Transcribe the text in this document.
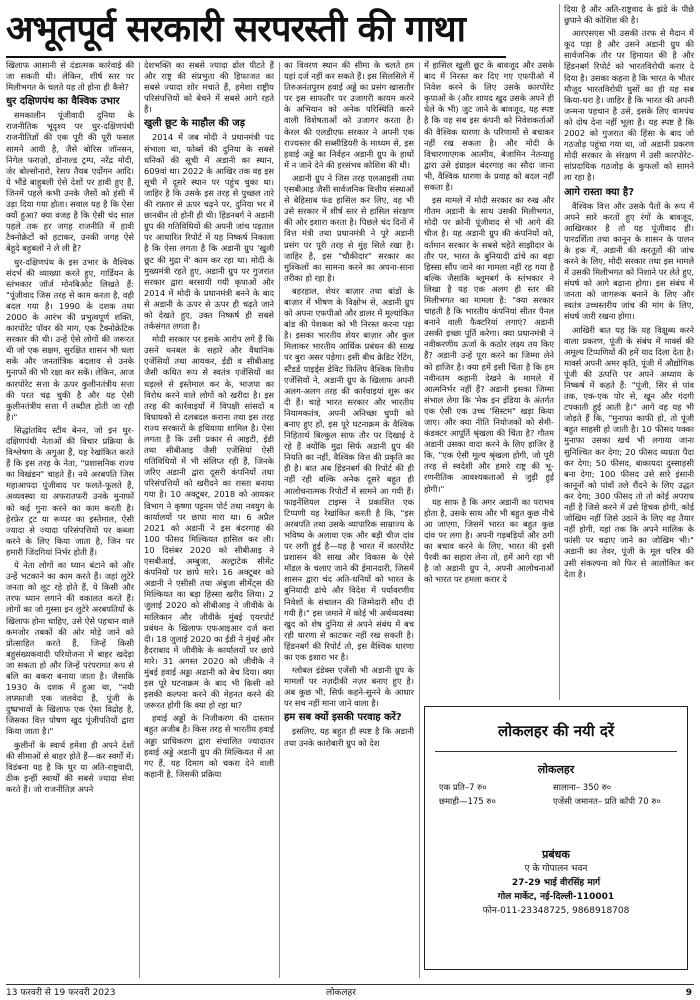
अभूतपूर्व सरकारी सरपरस्ती की गाथा

खिलाफ आसानी से दंडात्मक कार्रवाई की जा सकती थी। लेकिन, शीर्ष स्तर पर मिलीभगत के चलते यह तो होना ही कैसे?

धुर दक्षिणपंथ का वैश्विक उभार

समकालीन पूंजीवादी दुनिया के राजनीतिक भूदृश्य पर धुर-दक्षिणपंथी राजनीतिज्ञों की एक पूरी की पूरी फसल सामने आयी है, जैसे बोरिस जॉनसन, निगेल फराज़ो, डोनाल्ड ट्रम्प, नरेंद्र मोदी, जेर बोल्सोनारो, रेसप तैयब एर्दोगन आदि। ये भौंडे बाहुबली ऐसे देशों पर हावी हुए हैं, जिनमें पहले कभी उनके जैसों को हंसी में उड़ा दिया गया होता। सवाल यह है कि ऐसा क्यों हुआ? क्या वजह है कि ऐसी चंद साल पहले तक हर जगह राजनीति में हावी टैक्नोक्रेटों को हटाकर, उनकी जगह ऐसे बेहूदे बहुबलों ने ले ली है?

धुर-दक्षिणपंथ के इस उभार के वैश्विक संदर्भ की व्याख्या करते हुए, गार्डियन के स्तंभकार जॉर्ज मोनबिओट लिखते हैं: "पूंजीवाद जिस तरह से काम करता है, वही बदल गया है। 1990 के दशक तथा 2000 के आरंभ की प्रभुत्वपूर्ण शक्ति, कारपोरेट पॉवर की माग, एक टैक्नोक्रेटिक सरकार की थी। उन्हें ऐसे लोगों की जरूरत थी जो एक सक्षम, सुरक्षित शासन भी चला सकें और जनतांत्रिक बदलाव से उनके मुनाफों की भी रक्षा कर सकें। लेकिन, आज कारपोरेट सत्ता के ऊपर कुलीनतंत्रीय सत्ता की परत चढ़ चुकी है और यह ऐसी कुलीनतंत्रीय सत्ता में तब्दील होती जा रही है।"

सिद्धांतविद स्टीव बेनन, जो इन धुर-दक्षिणपंथी नेताओं की विचार प्रक्रिया के विश्लेषण के अगुआ हैं, यह रेखांकित करते हैं कि इस तरह के नेता, "प्रशासनिक राज्य का विखंडन" चाहते हैं। नये अरबपति जिस महाआपदा पूंजीवाद पर फलते-फूलते हैं, अव्यवस्था या अफरातफरी उनके मुनाफों को कई गुना करने का काम करती है। हेरफ़ेर ट्रट या रूप्पर का इस्तेमाल, ऐसी ज्यादा से ज्यादा परिसंपत्तियों पर कब्जा करने के लिए किया जाता है, जिन पर हमारी जिंदगियां निर्भर होती हैं।

ये नेता लोगों का ध्यान बंटाने को और उन्हें भटकाने का काम करते हैं। जहां लुटेरे जनता को लूट रहे होते हैं, ये किसी और तरफ ध्यान लगाने की वकालत करते हैं। लोगों का जो गुस्सा इन लुटेरे अरबपतियों के खिलाफ होना चाहिए, उसे ऐसे पहचान वाले कमजोर तबकों की ओर मोड़े जाने को प्रोत्साहित करते हैं, जिन्हें किसी बहुसंख्यकवादी परियोजना में बाहर खदेड़ा जा सकता हो और जिन्हें परंपरागत रूप से बलि का बकरा बनाया जाता है। जैसाकि 1930 के दशक में हुआ था, "नयी लफ्फाजी एक जलवेदा है, पूंजी के दुष्प्रभावों के खिलाफ एक ऐसा विद्रोह है, जिसका वित्त पोषण खुद पूंजीपतियों द्वारा किया जाता है।"

कुलीनों के स्वार्थ हमेशा ही अपने देशों की सीमाओं से बाहर होते हैं—कर स्वर्गों में। विडंबना यह है कि धुर या अति-राष्ट्रवादी, ठीक इन्हीं स्वार्थों की सबसे ज्यादा सेवा करते हैं। जो राजनीतिज्ञ अपने

देशभक्ति का सबसे ज्यादा ढोल पीटते हैं और राष्ट्र की संप्रभुता की हिफाजत का सबसे ज्यादा शोर मचाते हैं, हमेशा राष्ट्रीय परिसंपत्तियों को बेचने में सबसे आगे रहते हैं।

खुली छूट के माहौल की जड़

2014 में जब मोदी ने प्रधानमंत्री पद संभाला था, फोर्ब्स की दुनिया के सबसे धनिकों की सूची में अडानी का स्थान, 609वां था। 2022 के आखिर तक वह इस सूची में दूसरे स्थान पर पहुंच चुका था। जाहिर है कि उसके इस तरह से पुच्छल तारे की रफ़्तार से ऊपर चढ़ने पर, दुनिया भर में छानबीन तो होनी ही थी। हिंडनबर्ग ने अडानी ग्रुप की गतिविधियों की अपनी जांच पड़ताल पर आधारित रिपोर्ट में यह निष्कर्ष निकाला है कि ऐसा लगता है कि अडानी ग्रुप 'खुली छूट की मुद्रा में' काम कर रहा था। मोदी के मुख्यमंत्री रहते हुए, अडानी ग्रुप पर गुजरात सरकार द्वारा बरसायी गयी कृपाओं और 2014 में मोदी के प्रधानमंत्री बनने के बाद से अडानी के ऊपर से ऊपर ही चढ़ते जाने को देखते हुए, उक्त निष्कर्ष ही सबसे तर्कसंगत लगता है।

मोदी सरकार पर इसके आरोप लगे हैं कि उसने धनबल के सहारे और वैधानिक एजेंसियों तथा आयकर, ईडी व सीबीआइ जैसी कथित रूप से स्वतंत्र एजेंसियों का धड़ल्ले से इस्तेमाल कर के, भाजपा का विरोध करने वाले लोगों को खरीदा है। इस तरह की कार्रवाइयों में विपक्षी सांसदों व विधायकों से दलबदल कराना तथा इस तरह राज्य सरकारों के हथियाया शामिल है। ऐसा लगता है कि उसी प्रकार से आइटी, ईडी तथा सीबीआइ जैसी एजेंसियां ऐसी गतिविधियों में भी संलिप्त रही हैं, जिनके जरिए अडानी द्वारा दूसरी कंपनियों तथा परिसंपत्तियों को खरीदने का रास्ता बनाया गया है। 10 अक्टूबर, 2018 को आयकर विभाग ने कृष्णा पट्टनम पोर्ट तथा नवयुग के कार्यालयों पर छापा मारा था। 6 अप्रैल 2021 को अडानी ने इस बंदरगाह की 100 फीसद मिल्कियत हासिल कर ली। 10 दिसंबर 2020 को सीबीआइ ने एसबीआई, अम्बुजा, अल्ट्राटेक सीमेंट कंपनियों पर छापे मारे। 16 अक्टूबर को अडानी ने एसीसी तथा अंबुजा सीमेंट्स की मिल्कियत का बड़ा हिस्सा खरीद लिया। 2 जुलाई 2020 को सीबीआइ ने जीवीके के मालिकान और जीवीके मुंबई एयरपोर्ट प्रबंधन के खिलाफ एफआइआर दर्ज करा दी। 18 जुलाई 2020 का ईडी ने मुंबई और हैदराबाद में जीवीके के कार्यालयों पर छापे मारे। 31 अगस्त 2020 को जीवीके ने मुंबई हवाई अड्डा अडानी को बेच दिया। क्या इस पूरे घटनाक्रम के बाद भी किसी को इसकी कल्पना करने की मेहनत करने की जरूरत होगी कि क्या हो रहा था?

हवाई अड्डों के निजीकरण की दास्तान बहुत अजीब है। किस तरह से भारतीय हवाई अड्डा प्राधिकरण द्वारा संचालित ज्यादातर हवाई अड्डे अडानी ग्रुप की मिल्कियत में आ गए हैं, यह दिमाग को चकरा देने वाली कहानी है, जिसकी प्रक्रिया

का विवरण स्थान की सीमा के चलते हम यहां दर्ज नहीं कर सकते हैं। इस सिलसिले में तिरुअनंतपुरम हवाई अड्डे का प्रसंग खासतौर पर इस साफतौर पर उजागरी कायम करने के अभियान को अनेक परिस्थिति करने वाली विशेषताओं को उजागर करता है। केरल की एलडीएफ सरकार ने अपनी एक राज्यस्तर की सब्सीडियरी के माध्यम से, इस हवाई अड्डे का निर्वहन अडानी ग्रुप के हाथों में न जाने देने की हरसंभव कोशिश की थी।

अडानी ग्रुप ने जिस तरह एलआइसी तथा एसबीआइ जैसी सार्वजनिक वित्तीय संस्थाओं से बेहिसाब फंड हासिल कर लिए, वह भी उसे सरकार में शीर्ष स्तर से हासिल संरक्षण की ओर इशारा करता है। पिछले चंद दिनों में वित्त मंत्री तथा प्रधानमंत्री ने पूरे अडानी प्रसंग पर पूरी तरह से मुंह सिले रखा है। जाहिर है, इस "चौकीदार" सरकार का मुश्किलों का सामना करने का अपना-साना तरीका हो रहा है।

बहरहाल, शेयर बाज़ार तथा बांडों के बाज़ार में भीषण के विक्षोभ से, अडानी ग्रुप को अपना एफपीओ और डालर में मूल्यांकित बांड की पेशकश को भी निरस्त करना पड़ा है। इसका भारतीय शेयर बाज़ार और कुल मिलाकर भारतीय आर्थिक प्रबंधन की साख पर बुरा असर पड़ेगा। इसी बीच क्रेडिट रेटिंग, स्टैंडर्ड पाइर्ड्स डेविट फिलिप वैश्विक वित्तीय एजेंसियों ने, अडानी ग्रुप के खिलाफ अपनी अलग-अलग तरह की कार्रवाइयां शुरू कर दी हैं। चाहे भारत सरकार और भारतीय नियामकतंत्र, अपनी अनिच्छा चुप्पी को बनाए हुए हों, इस पूरे घटनाक्रम के वैश्विक निहितार्थ बिल्कुल साफ तौर पर दिखाई दे रहे हैं क्योंकि मुद्रा सिर्फ अडानी ग्रुप की नियति का नहीं, वैश्विक वित्त की प्रकृति का ही है। बात अब हिंडनबर्ग की रिपोर्ट की ही नहीं रही बल्कि अनेक दूसरे बहुत ही आलोचनात्मक रिपोर्टों में सामने आ गयी हैं। फाइनेंशियल टाइम्स ने प्रकाशित एक टिप्पणी यह रेखांकित करती है कि, "इस अरबपति तथा उसके व्यापारिक साम्राज्य के भविष्य के अलावा एक और बड़ी चीज दांव पर लगी हुई है—यह है भारत में कारपोरेट प्रशासन की साख और विकास के ऐसे मॉडल के चलाए जाने की ईमानदारी, जिसमें शासन द्वारा चंद अति-धनियों को भारत के बुनियादी ढांचे और विदेश में पर्यावरणीय निवेशों के संचालन की जिम्मेदारी सौंप दी गयी है।" इस जमाने में कोई भी अर्थव्यवस्था खुद को शेष दुनिया से अपने संबंध में बच रही धारणा से काटकर नहीं रख सकती है। हिंडनबर्ग की रिपोर्ट तो, इस वैश्विक धारणा का एक इशारा भर है।

ग्लोबल इंडेक्स एजेंसी भी अडानी ग्रुप के मामलों पर नज़दीकी नज़र बनाए हुए है। अब कुछ भी, सिर्फ कहने-सुनने के आधार पर सच नहीं माना जाने वाला है।

हम सब क्यों इसकी परवाह करें?

इसलिए, यह बहुत ही स्पष्ट है कि अडानी तथा उनके कारोबारी ग्रुप को देश

में हासिल खुली छूट के बावजूद और उसके बाद में निरस्त कर दिए गए एफपीओ में निवेश करने के लिए उसके कारपोरेट कृपाओं के (और शायद खुद उसके अपने ही धेले के भी) जुट जाने के बावजूद, यह स्पष्ट है कि यह सब इस कंपनी को निवेशकर्ताओं की वैश्विक धारणा के परिणामों से बचाकर नहीं रख सकता है। और मोदी के विचारणाएगक आत्मीय, बेजामिन नेतन्याहू द्वारा उसे इंग्राइल बंदरगाह का सौदा जाना भी, वैश्विक धारणा के प्रवाह को बदल नहीं सकता है।

इस मामले में मोदी सरकार का रुख और गौतम अडानी के साथ उसकी मिलीभगत, मोदी पर क्रोनी पूंजीवाद से भी आगे की चीज है। यह अडानी ग्रुप की कंपनियों को, वर्तमान सरकार के सबसे चहेते साझीदार के तौर पर, भारत के बुनियादी ढांचे का बड़ा हिस्सा सौंप जाने का मामला नहीं रह गया है बल्कि जैसाकि ब्लूमबर्ग के स्तंभकार ने लिखा है यह एक अलग ही स्तर की मिलीभगत का मामला है: "क्या सरकार चाहती है कि भारतीय कंपनियां सीतर पैनल बनाने वाली फैक्टरियां लगाएं? अडानी उसकी इच्छा पूर्ति करेगा। क्या प्रधानमंत्री ने नवीकरणीय ऊर्जा के कठोर लक्ष्य तय किए हैं? अडानी उन्हें पूरा करने का जिम्मा लेने को हाजिर है। क्या हमें इसी चिंता है कि हम नवीनतम कहानी देखने के मामले में आत्मनिर्भर नहीं हैं? अडानी इसका जिम्मा संभाल लेगा कि 'मेक इन इंडिया के अंतर्गत एक ऐसी एक उच्च 'सिस्टम" खड़ा किया जाए। और क्या नीति नियोजकों को सेमी-कंडक्टर आपूर्ति श्रृंखला की चिंता है? गौतम अडानी उसका वादा करने के लिए हाजिर है कि, "एक ऐसी मूल्य श्रृंखला होगी, जो पूरी तरह से स्वदेशी और हमारे राष्ट्र की भू-रणनीतिक आवश्यकताओं से जुड़ी हुई होगी।"

यह साफ है कि अगर अडानी का पराभव होता है, उसके साथ और भी बहुत कुछ नीचे आ जाएगा, जिसमें भारत का बहुत कुछ दांव पर लगा है। अपनी गड़बड़ियों और ठगी का बचाव करने के लिए, भारत की इसी पैरवी का सहारा लेना तो, हमें आगे रहा भी है जो अडानी ग्रुप ने, अपनी आलोचनाओं को भारत पर हमला करार दे

दिया है और अति-राष्ट्रवाद के झंडे के पीछे छुपाने की कोशिश की है।

आरएसएस भी उसकी तरफ से मैदान में कूद पड़ा है और उसने अडानी ग्रुप की सार्वजनिक तौर पर हिमायत की है और हिंडनबर्ग रिपोर्ट को भारतविरोधी करार दे दिया है। उसका कहना है कि भारत के भीतर मौजूद भारतविरोधी घुसों का ही यह सब किया-धरा है। जाहिर है कि भारत की अपनी जन्मना पहचान है उसे, इसके लिए वामपंथ को दोष देना नहीं भूला है। यह स्पष्ट है कि 2002 को गुजरात की हिंसा के बाद जो गठजोड़ पहुंचा गया था, जो अडानी प्रकरण मोदी सरकार के संरक्षण में उसी कारपोरेट-सांप्रदायिक गठजोड़ के कुफलों को सामने ला रहा है।

आगे रास्ता क्या है?

वैश्विक वित्त और उसके पैतों के रूप में अपने सारे करतों हुए रंगों के बावजूद, आखिरकार है तो यह पूंजीवाद ही। पारदर्शिता तथा कानून के शासन के पालन के हक में, अडानी की करतूतों की जांच करने के लिए, मोदी सरकार तथा इस मामले में उसकी मिलीभगत को निशाने पर लेते हुए, संघर्ष को आगे बढ़ाना होगा। इस संबंध में जनता को जागरूक बनाने के लिए और स्वतंत्र उच्चस्तरीय जांच की मांग के लिए, संघर्ष जारी रखना होगा।

आखिरी बात यह कि यह विक्षुब्ध करने वाला प्रकरण, पूंजी के संबंध में मार्क्स की अमूल्य टिप्पणियों की हमें याद दिला देता है। मार्क्स अपनी अमर कृति, पूंजी में औद्योगिक पूंजी की उत्पत्ति पर अपने अध्याय के निष्कर्ष में कहते हैं: "पूंजी, सिर से पांव तक, एक-एक पोर से, खून और गंदगी टपकाती हुई आती है।" आगे वह यह भी जोड़ते हैं कि, "मुनाफा काफी हो, तो पूंजी बहुत साहसी हो जाती है। 10 फीसद पक्का मुनाफा उसका खर्च भी लगाया जाना सुनिश्चित कर देगा; 20 फीसद व्यग्रता पैदा कर देगा; 50 फीसद, बाकायदा दुस्साहसी बना देगा; 100 फीसद उसे सारे इंसानी कानूनों को पांवों तले रौंदने के लिए उद्धत कर देगा; 300 फीसद तो तो कोई अपराध नहीं है जिसे करने में उसे हिचक होगी, कोई जोखिम नहीं जिसे उठाने के लिए वह तैयार नहीं होगी, यहां तक कि अपने मालिक के फांसी पर चढ़ाए जाने का जोखिम भी।" अडानी का तेवर, पूंजी के मूल चरित्र की उसी संकल्पना को फिर से आलोकित कर देता है।

लोकलहर की नयी दरें
लोकलहर
एक प्रति–7 रु०
छमाही—175 रु०
सालाना– 350 रु०
एजेंसी जमानत– प्रति कॉपी 70 रु०
प्रबंधक
ए के गोपालन भवन
27-29 भाई वीरसिंह मार्ग
गोल मार्केट, नई-दिल्ली-110001
फोन-011-23348725, 9868918708
13 फरवरी से 19 फरवरी 2023	लोकलहर	9
